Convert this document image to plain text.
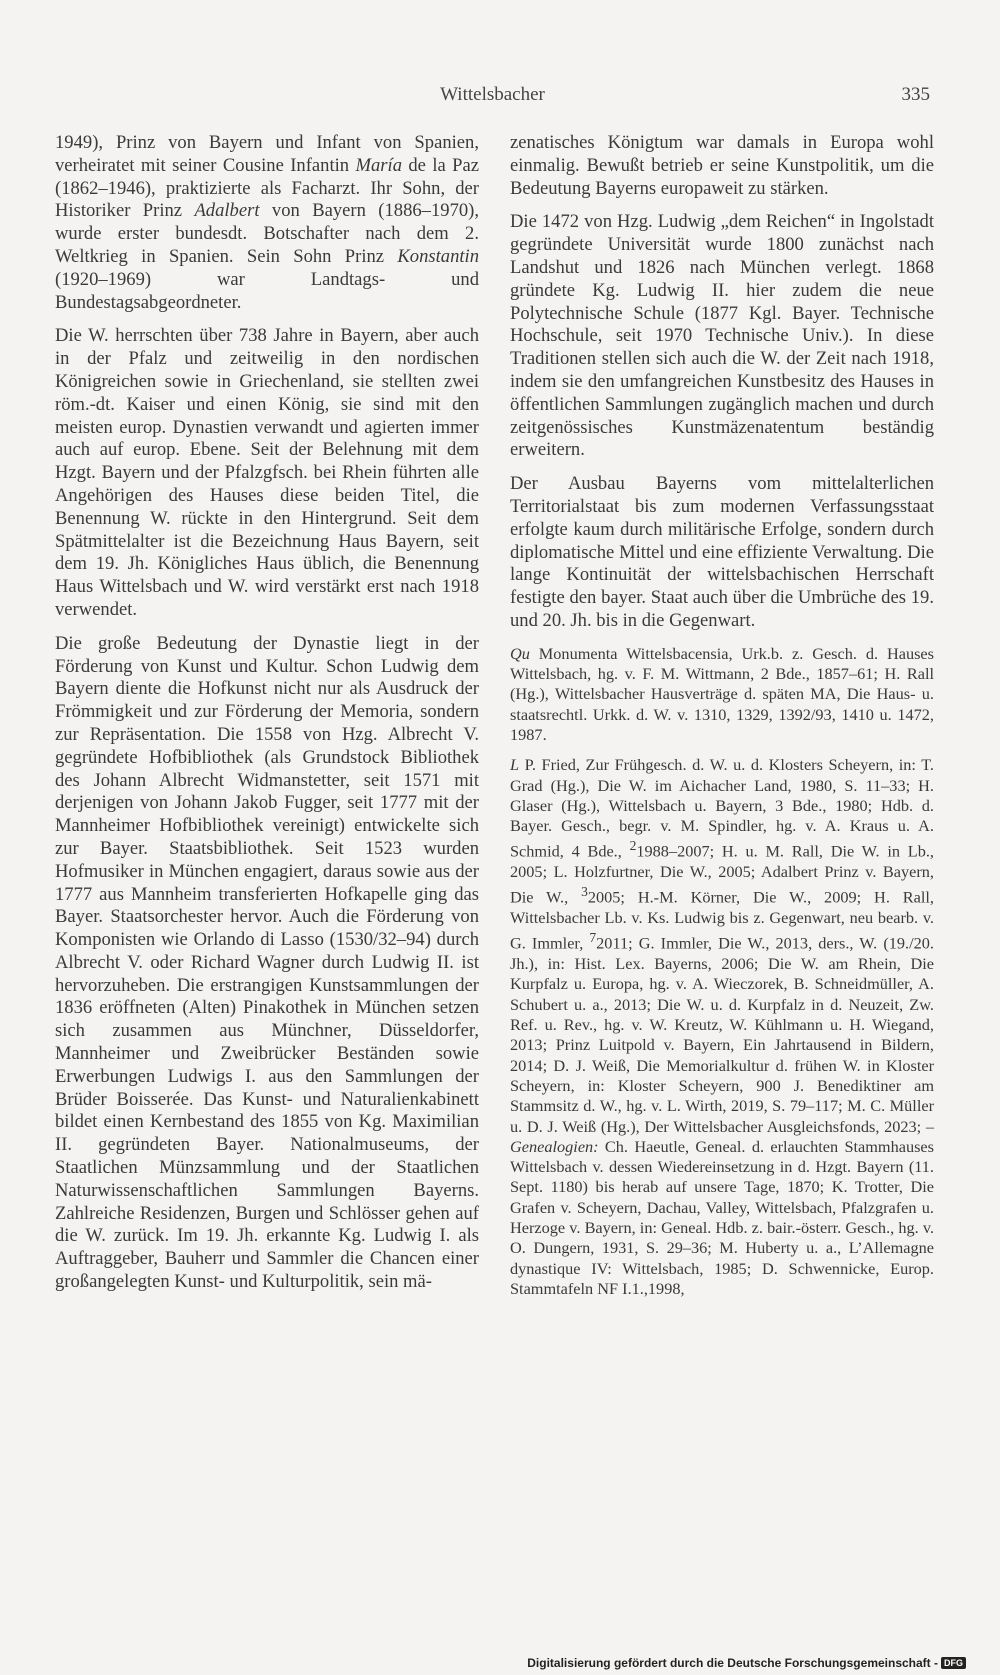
Wittelsbacher	335

1949), Prinz von Bayern und Infant von Spanien, verheiratet mit seiner Cousine Infantin María de la Paz (1862–1946), praktizierte als Facharzt. Ihr Sohn, der Historiker Prinz Adalbert von Bayern (1886–1970), wurde erster bundesdt. Botschafter nach dem 2. Weltkrieg in Spanien. Sein Sohn Prinz Konstantin (1920–1969) war Landtags- und Bundestagsabgeordneter.

Die W. herrschten über 738 Jahre in Bayern, aber auch in der Pfalz und zeitweilig in den nordischen Königreichen sowie in Griechenland, sie stellten zwei röm.-dt. Kaiser und einen König, sie sind mit den meisten europ. Dynastien verwandt und agierten immer auch auf europ. Ebene. Seit der Belehnung mit dem Hzgt. Bayern und der Pfalzgfsch. bei Rhein führten alle Angehörigen des Hauses diese beiden Titel, die Benennung W. rückte in den Hintergrund. Seit dem Spätmittelalter ist die Bezeichnung Haus Bayern, seit dem 19. Jh. Königliches Haus üblich, die Benennung Haus Wittelsbach und W. wird verstärkt erst nach 1918 verwendet.

Die große Bedeutung der Dynastie liegt in der Förderung von Kunst und Kultur. Schon Ludwig dem Bayern diente die Hofkunst nicht nur als Ausdruck der Frömmigkeit und zur Förderung der Memoria, sondern zur Repräsentation. Die 1558 von Hzg. Albrecht V. gegründete Hofbibliothek (als Grundstock Bibliothek des Johann Albrecht Widmanstetter, seit 1571 mit derjenigen von Johann Jakob Fugger, seit 1777 mit der Mannheimer Hofbibliothek vereinigt) entwickelte sich zur Bayer. Staatsbibliothek. Seit 1523 wurden Hofmusiker in München engagiert, daraus sowie aus der 1777 aus Mannheim transferierten Hofkapelle ging das Bayer. Staatsorchester hervor. Auch die Förderung von Komponisten wie Orlando di Lasso (1530/32–94) durch Albrecht V. oder Richard Wagner durch Ludwig II. ist hervorzuheben. Die erstrangigen Kunstsammlungen der 1836 eröffneten (Alten) Pinakothek in München setzen sich zusammen aus Münchner, Düsseldorfer, Mannheimer und Zweibrücker Beständen sowie Erwerbungen Ludwigs I. aus den Sammlungen der Brüder Boisserée. Das Kunst- und Naturalienkabinett bildet einen Kernbestand des 1855 von Kg. Maximilian II. gegründeten Bayer. Nationalmuseums, der Staatlichen Münzsammlung und der Staatlichen Naturwissenschaftlichen Sammlungen Bayerns. Zahlreiche Residenzen, Burgen und Schlösser gehen auf die W. zurück. Im 19. Jh. erkannte Kg. Ludwig I. als Auftraggeber, Bauherr und Sammler die Chancen einer großangelegten Kunst- und Kulturpolitik, sein mä-

zenatisches Königtum war damals in Europa wohl einmalig. Bewußt betrieb er seine Kunstpolitik, um die Bedeutung Bayerns europaweit zu stärken.

Die 1472 von Hzg. Ludwig „dem Reichen“ in Ingolstadt gegründete Universität wurde 1800 zunächst nach Landshut und 1826 nach München verlegt. 1868 gründete Kg. Ludwig II. hier zudem die neue Polytechnische Schule (1877 Kgl. Bayer. Technische Hochschule, seit 1970 Technische Univ.). In diese Traditionen stellen sich auch die W. der Zeit nach 1918, indem sie den umfangreichen Kunstbesitz des Hauses in öffentlichen Sammlungen zugänglich machen und durch zeitgenössisches Kunstmäzenatentum beständig erweitern.

Der Ausbau Bayerns vom mittelalterlichen Territorialstaat bis zum modernen Verfassungsstaat erfolgte kaum durch militärische Erfolge, sondern durch diplomatische Mittel und eine effiziente Verwaltung. Die lange Kontinuität der wittelsbachischen Herrschaft festigte den bayer. Staat auch über die Umbrüche des 19. und 20. Jh. bis in die Gegenwart.

Qu Monumenta Wittelsbacensia, Urk.b. z. Gesch. d. Hauses Wittelsbach, hg. v. F. M. Wittmann, 2 Bde., 1857–61; H. Rall (Hg.), Wittelsbacher Hausverträge d. späten MA, Die Haus- u. staatsrechtl. Urkk. d. W. v. 1310, 1329, 1392/93, 1410 u. 1472, 1987.

L P. Fried, Zur Frühgesch. d. W. u. d. Klosters Scheyern, in: T. Grad (Hg.), Die W. im Aichacher Land, 1980, S. 11–33; H. Glaser (Hg.), Wittelsbach u. Bayern, 3 Bde., 1980; Hdb. d. Bayer. Gesch., begr. v. M. Spindler, hg. v. A. Kraus u. A. Schmid, 4 Bde., $^2$1988–2007; H. u. M. Rall, Die W. in Lb., 2005; L. Holzfurtner, Die W., 2005; Adalbert Prinz v. Bayern, Die W., $^3$2005; H.-M. Körner, Die W., 2009; H. Rall, Wittelsbacher Lb. v. Ks. Ludwig bis z. Gegenwart, neu bearb. v. G. Immler, $^7$2011; G. Immler, Die W., 2013, ders., W. (19./20. Jh.), in: Hist. Lex. Bayerns, 2006; Die W. am Rhein, Die Kurpfalz u. Europa, hg. v. A. Wieczorek, B. Schneidmüller, A. Schubert u. a., 2013; Die W. u. d. Kurpfalz in d. Neuzeit, Zw. Ref. u. Rev., hg. v. W. Kreutz, W. Kühlmann u. H. Wiegand, 2013; Prinz Luitpold v. Bayern, Ein Jahrtausend in Bildern, 2014; D. J. Weiß, Die Memorialkultur d. frühen W. in Kloster Scheyern, in: Kloster Scheyern, 900 J. Benediktiner am Stammsitz d. W., hg. v. L. Wirth, 2019, S. 79–117; M. C. Müller u. D. J. Weiß (Hg.), Der Wittelsbacher Ausgleichsfonds, 2023; – Genealogien: Ch. Haeutle, Geneal. d. erlauchten Stammhauses Wittelsbach v. dessen Wiedereinsetzung in d. Hzgt. Bayern (11. Sept. 1180) bis herab auf unsere Tage, 1870; K. Trotter, Die Grafen v. Scheyern, Dachau, Valley, Wittelsbach, Pfalzgrafen u. Herzoge v. Bayern, in: Geneal. Hdb. z. bair.-österr. Gesch., hg. v. O. Dungern, 1931, S. 29–36; M. Huberty u. a., L’Allemagne dynastique IV: Wittelsbach, 1985; D. Schwennicke, Europ. Stammtafeln NF I.1.,1998,

Digitalisierung gefördert durch die Deutsche Forschungsgemeinschaft - DFG
